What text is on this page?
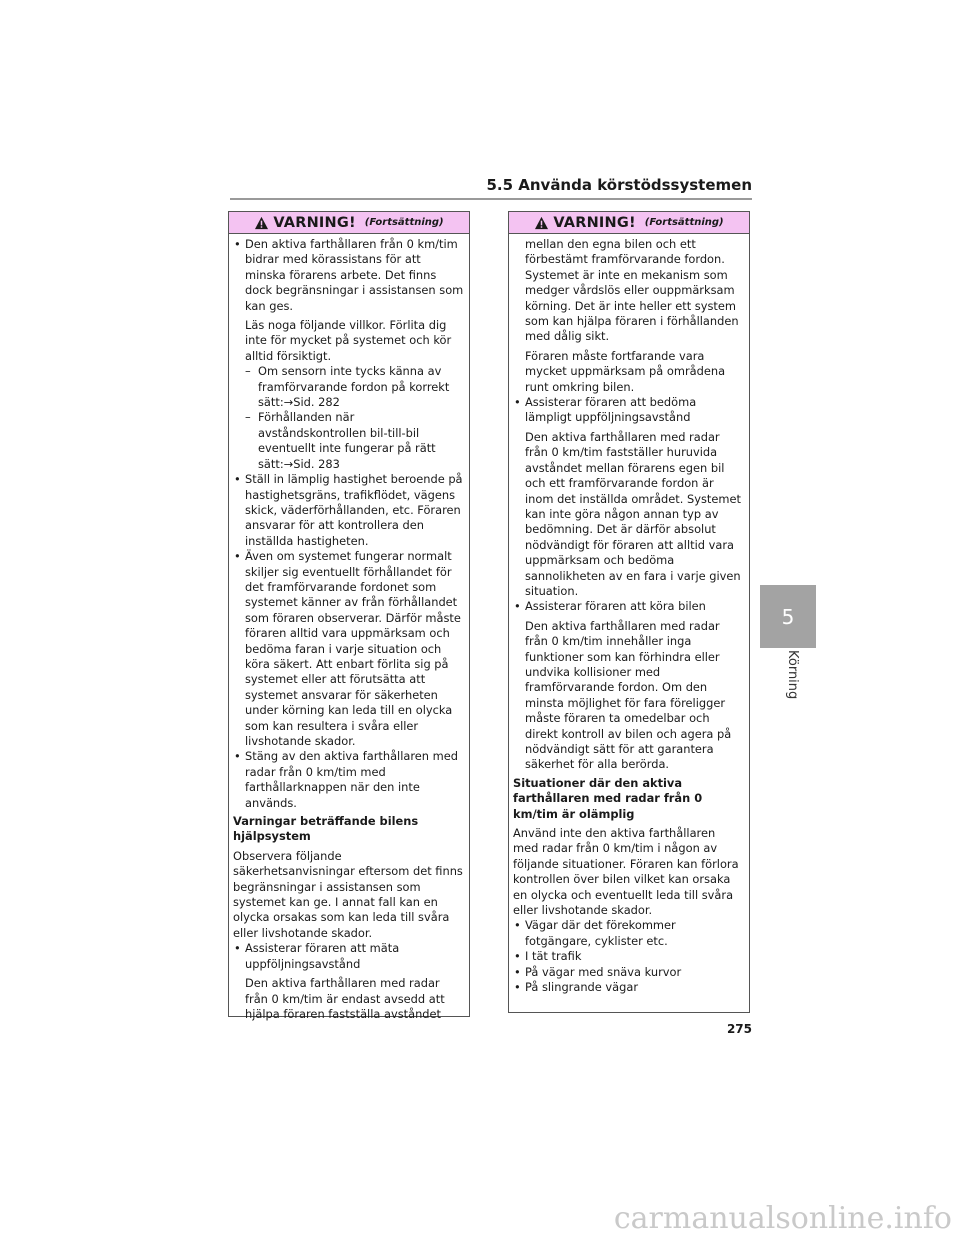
5.5 Använda körstödssystemen
VARNING! (Fortsättning)
• Den aktiva farthållaren från 0 km/tim bidrar med körassistans för att minska förarens arbete. Det finns dock begränsningar i assistansen som kan ges.
Läs noga följande villkor. Förlita dig inte för mycket på systemet och kör alltid försiktigt.
– Om sensorn inte tycks känna av framförvarande fordon på korrekt sätt:→Sid. 282
– Förhållanden när avståndskontrollen bil-till-bil eventuellt inte fungerar på rätt sätt:→Sid. 283
• Ställ in lämplig hastighet beroende på hastighetsgräns, trafikflödet, vägens skick, väderförhållanden, etc. Föraren ansvarar för att kontrollera den inställda hastigheten.
• Även om systemet fungerar normalt skiljer sig eventuellt förhållandet för det framförvarande fordonet som systemet känner av från förhållandet som föraren observerar. Därför måste föraren alltid vara uppmärksam och bedöma faran i varje situation och köra säkert. Att enbart förlita sig på systemet eller att förutsätta att systemet ansvarar för säkerheten under körning kan leda till en olycka som kan resultera i svåra eller livshotande skador.
• Stäng av den aktiva farthållaren med radar från 0 km/tim med farthållarknappen när den inte används.
Varningar beträffande bilens hjälpsystem
Observera följande säkerhetsanvisningar eftersom det finns begränsningar i assistansen som systemet kan ge. I annat fall kan en olycka orsakas som kan leda till svåra eller livshotande skador.
• Assisterar föraren att mäta uppföljningsavstånd
Den aktiva farthållaren med radar från 0 km/tim är endast avsedd att hjälpa föraren fastställa avståndet
VARNING! (Fortsättning)
mellan den egna bilen och ett förbestämt framförvarande fordon. Systemet är inte en mekanism som medger vårdslös eller ouppmärksam körning. Det är inte heller ett system som kan hjälpa föraren i förhållanden med dålig sikt.
Föraren måste fortfarande vara mycket uppmärksam på områdena runt omkring bilen.
• Assisterar föraren att bedöma lämpligt uppföljningsavstånd
Den aktiva farthållaren med radar från 0 km/tim fastställer huruvida avståndet mellan förarens egen bil och ett framförvarande fordon är inom det inställda området. Systemet kan inte göra någon annan typ av bedömning. Det är därför absolut nödvändigt för föraren att alltid vara uppmärksam och bedöma sannolikheten av en fara i varje given situation.
• Assisterar föraren att köra bilen
Den aktiva farthållaren med radar från 0 km/tim innehåller inga funktioner som kan förhindra eller undvika kollisioner med framförvarande fordon. Om den minsta möjlighet för fara föreligger måste föraren ta omedelbar och direkt kontroll av bilen och agera på nödvändigt sätt för att garantera säkerhet för alla berörda.
Situationer där den aktiva farthållaren med radar från 0 km/tim är olämplig
Använd inte den aktiva farthållaren med radar från 0 km/tim i någon av följande situationer. Föraren kan förlora kontrollen över bilen vilket kan orsaka en olycka och eventuellt leda till svåra eller livshotande skador.
• Vägar där det förekommer fotgängare, cyklister etc.
• I tät trafik
• På vägar med snäva kurvor
• På slingrande vägar
5
Körning
275
carmanualsonline.info
